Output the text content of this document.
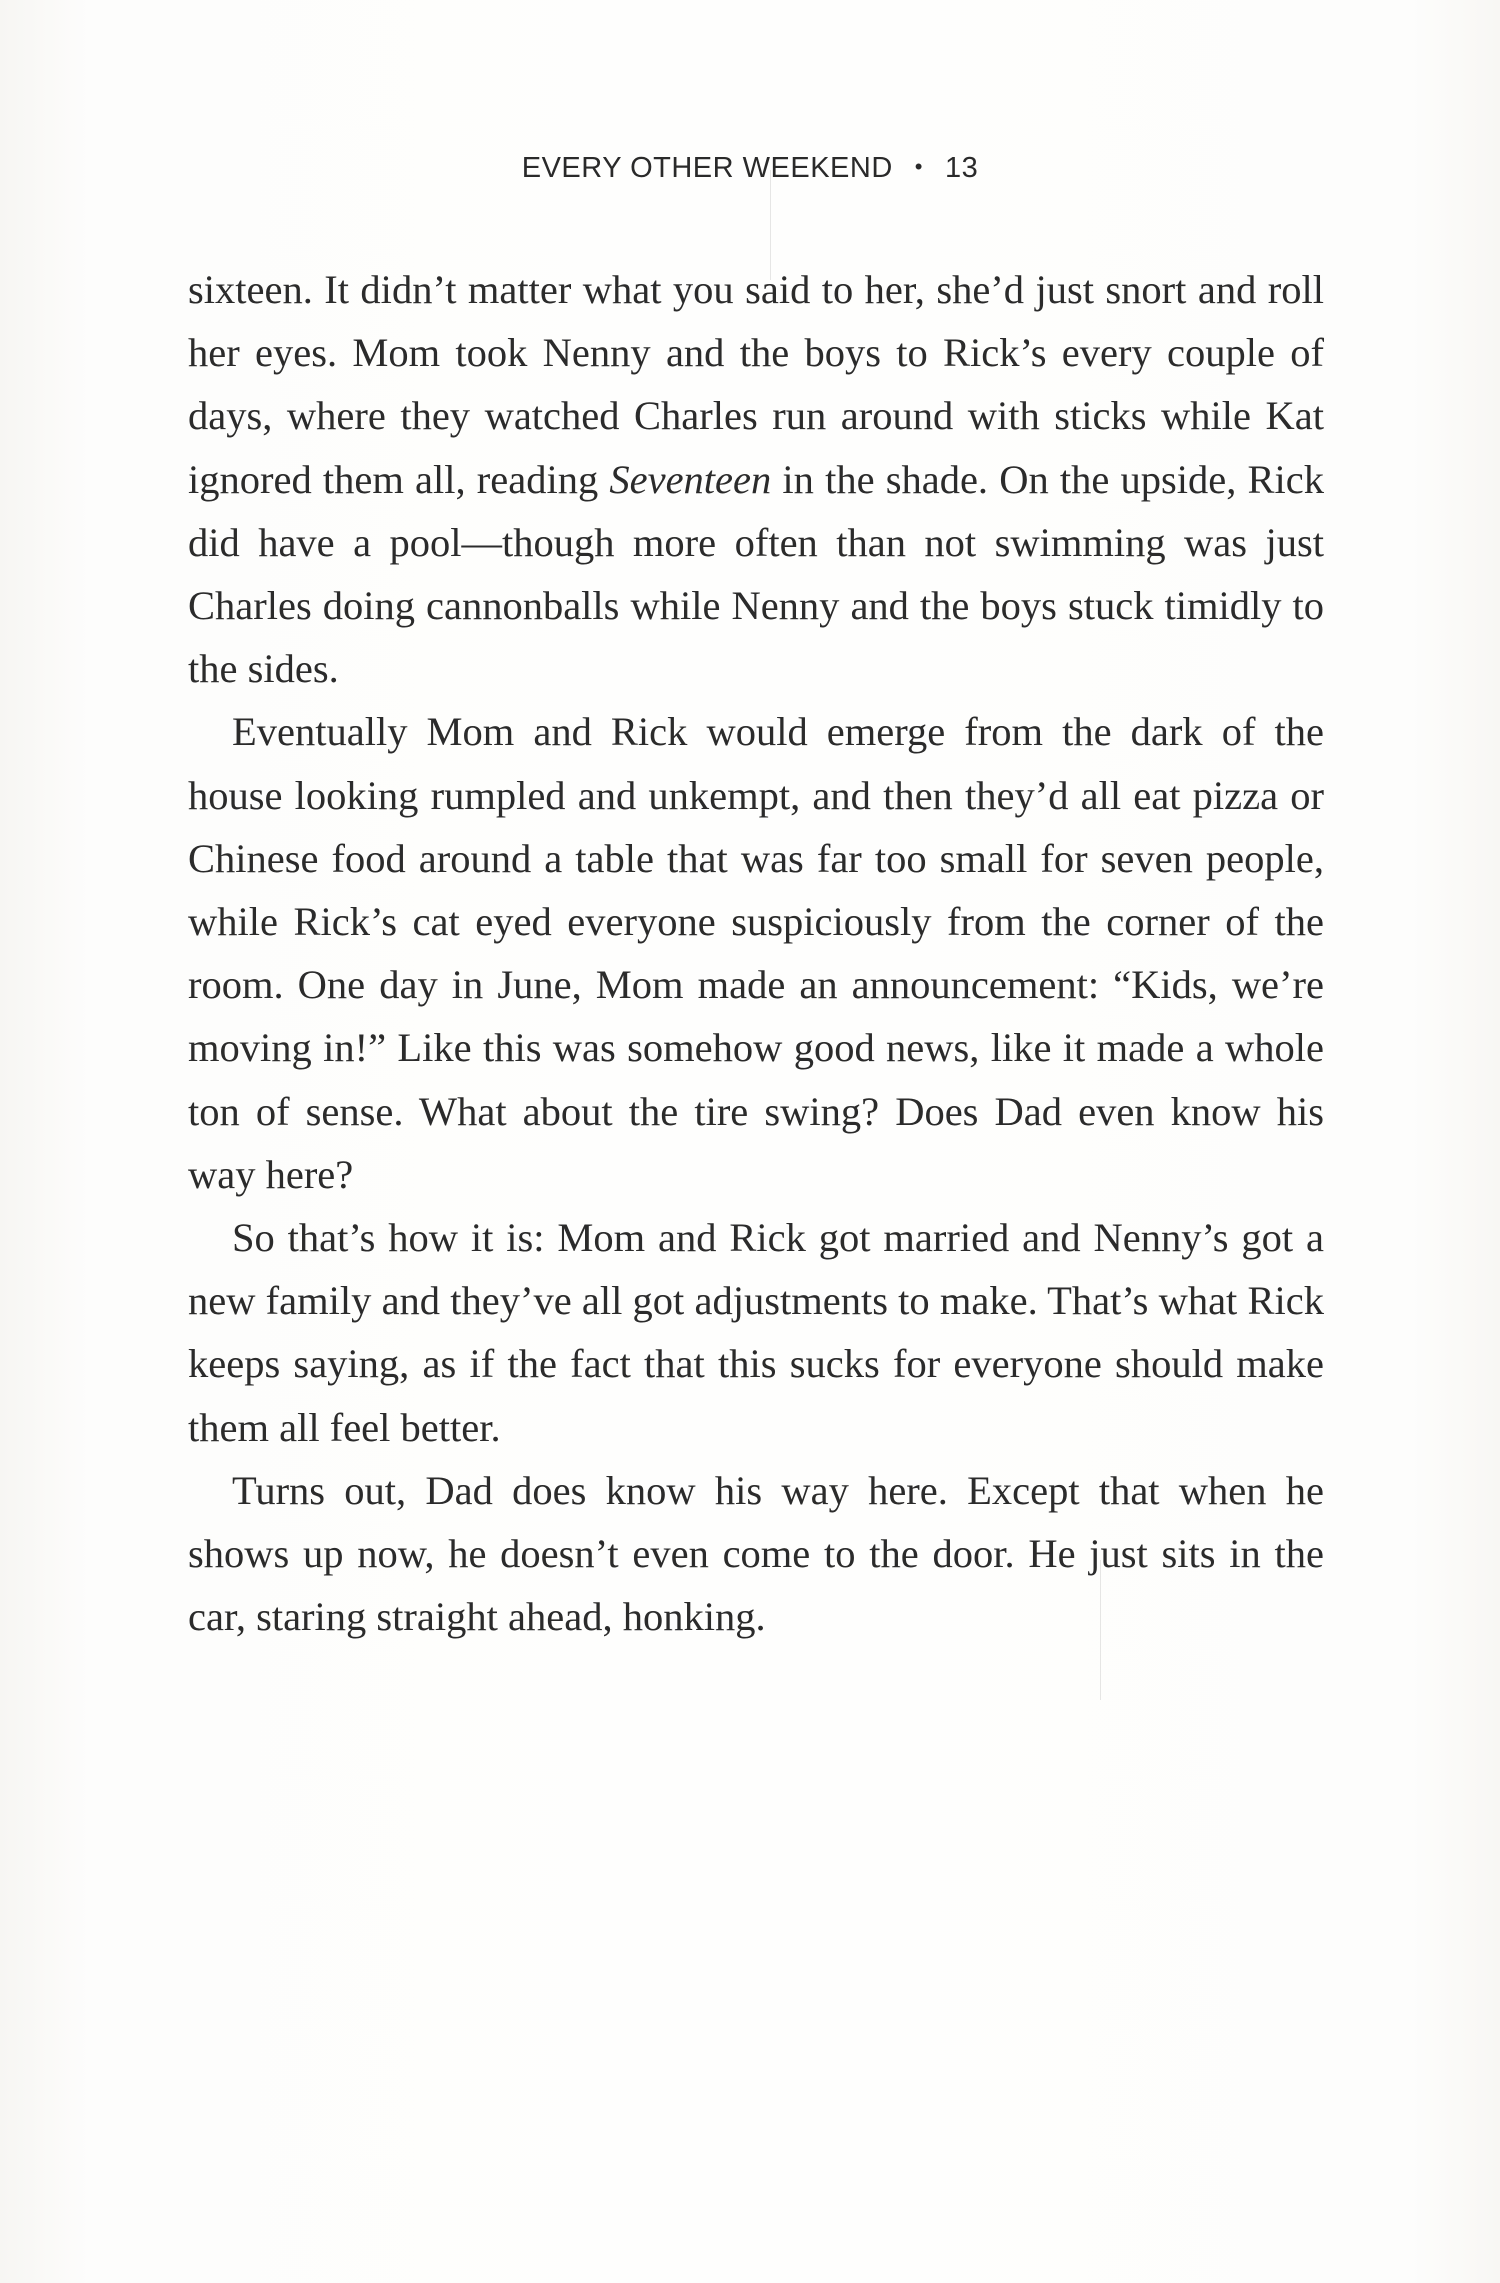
EVERY OTHER WEEKEND • 13

sixteen. It didn’t matter what you said to her, she’d just snort and roll her eyes. Mom took Nenny and the boys to Rick’s every couple of days, where they watched Charles run around with sticks while Kat ignored them all, reading Seventeen in the shade. On the upside, Rick did have a pool—though more often than not swimming was just Charles doing cannonballs while Nenny and the boys stuck timidly to the sides.

Eventually Mom and Rick would emerge from the dark of the house looking rumpled and unkempt, and then they’d all eat pizza or Chinese food around a table that was far too small for seven people, while Rick’s cat eyed everyone suspiciously from the corner of the room. One day in June, Mom made an announcement: “Kids, we’re moving in!” Like this was somehow good news, like it made a whole ton of sense. What about the tire swing? Does Dad even know his way here?

So that’s how it is: Mom and Rick got married and Nenny’s got a new family and they’ve all got adjustments to make. That’s what Rick keeps saying, as if the fact that this sucks for everyone should make them all feel better.

Turns out, Dad does know his way here. Except that when he shows up now, he doesn’t even come to the door. He just sits in the car, staring straight ahead, honking.
